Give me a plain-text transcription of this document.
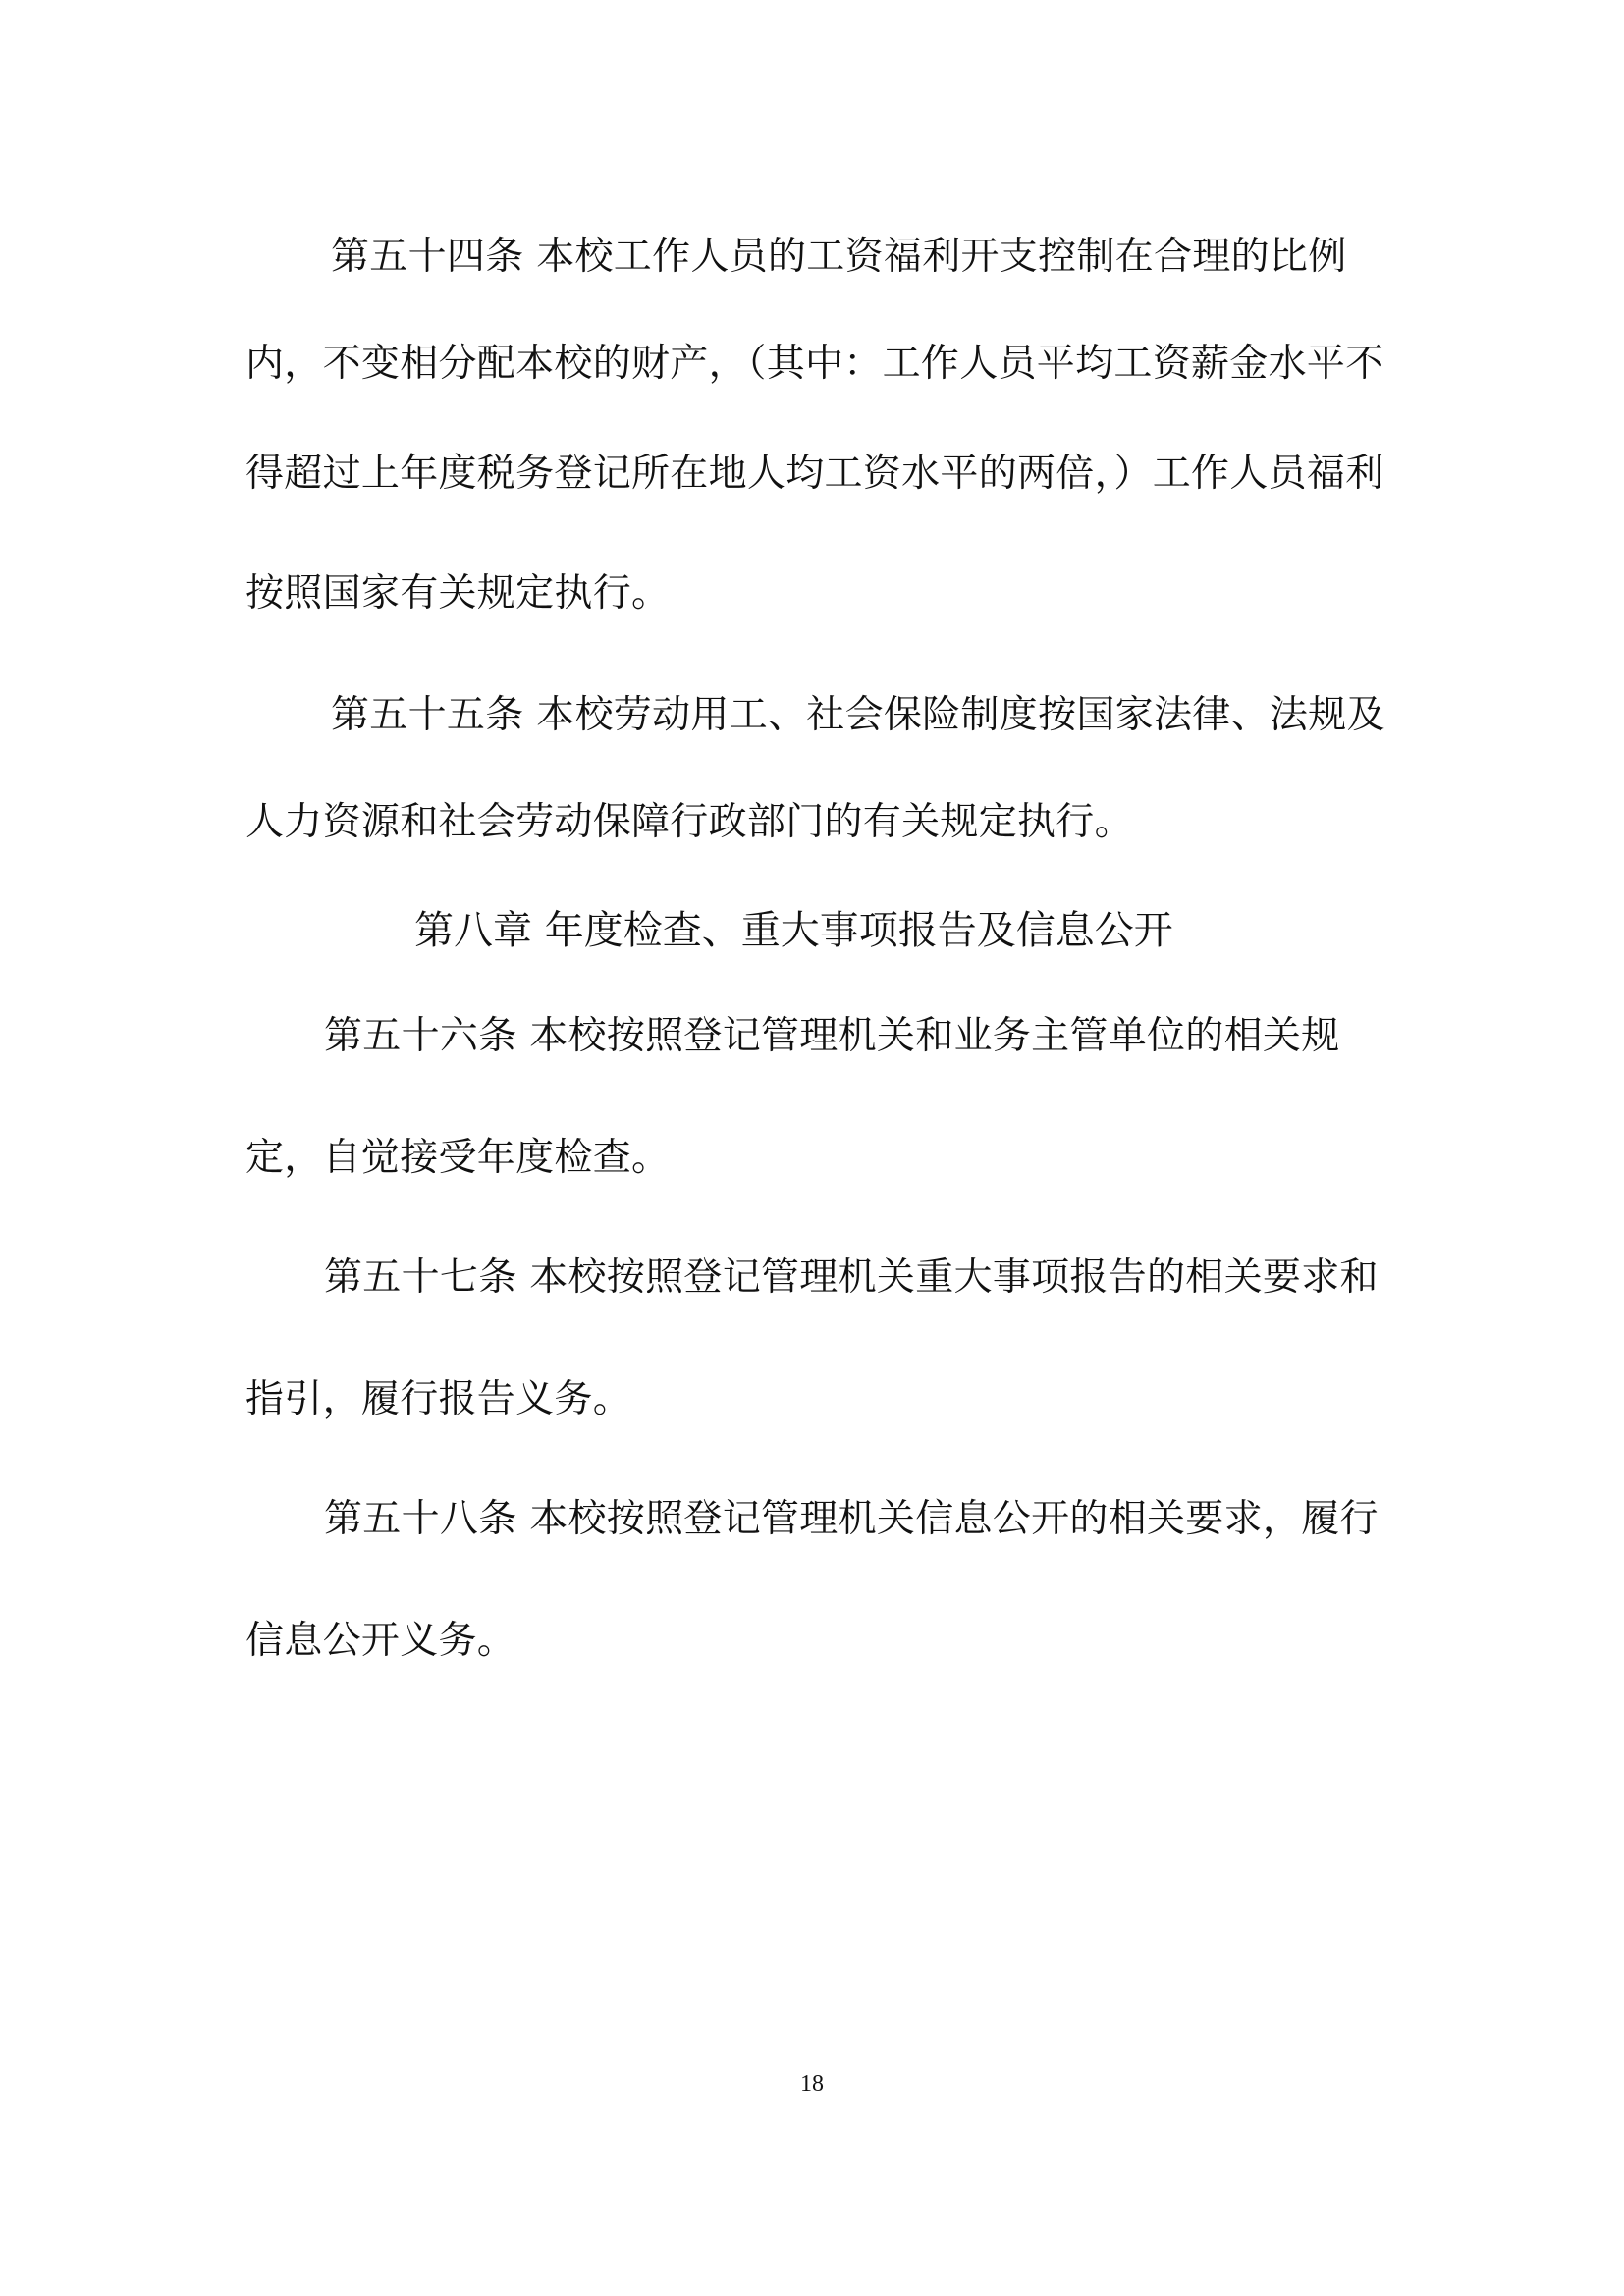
第五十四条 本校工作人员的工资福利开支控制在合理的比例
内，不变相分配本校的财产，（其中：工作人员平均工资薪金水平不
得超过上年度税务登记所在地人均工资水平的两倍，）工作人员福利
按照国家有关规定执行。
第五十五条 本校劳动用工、社会保险制度按国家法律、法规及
人力资源和社会劳动保障行政部门的有关规定执行。
第八章 年度检查、重大事项报告及信息公开
第五十六条 本校按照登记管理机关和业务主管单位的相关规
定，自觉接受年度检查。
第五十七条 本校按照登记管理机关重大事项报告的相关要求和
指引，履行报告义务。
第五十八条 本校按照登记管理机关信息公开的相关要求，履行
信息公开义务。
18
